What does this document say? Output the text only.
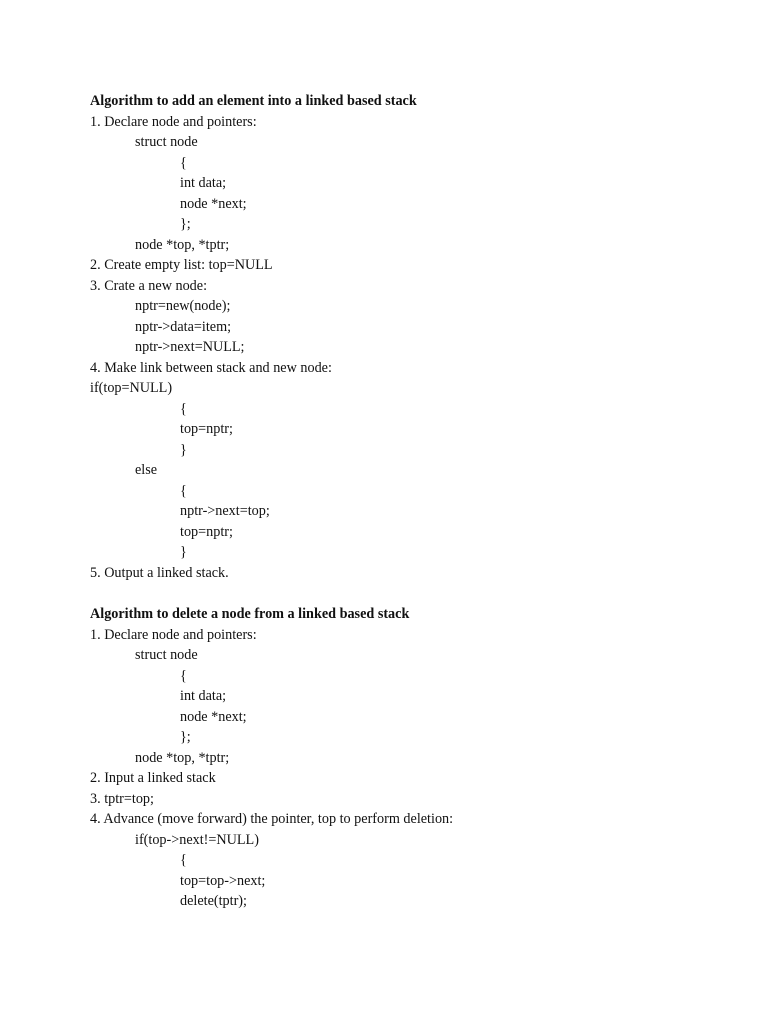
Algorithm to add an element into a linked based stack
1. Declare node and pointers:
struct node
{
int data;
node *next;
};
node *top, *tptr;
2. Create empty list: top=NULL
3. Crate a new node:
nptr=new(node);
nptr->data=item;
nptr->next=NULL;
4. Make link between stack and new node:
if(top=NULL)
{
top=nptr;
}
else
{
nptr->next=top;
top=nptr;
}
5. Output a linked stack.
Algorithm to delete a node from a linked based stack
1. Declare node and pointers:
struct node
{
int data;
node *next;
};
node *top, *tptr;
2. Input a linked stack
3. tptr=top;
4. Advance (move forward) the pointer, top to perform deletion:
if(top->next!=NULL)
{
top=top->next;
delete(tptr);
